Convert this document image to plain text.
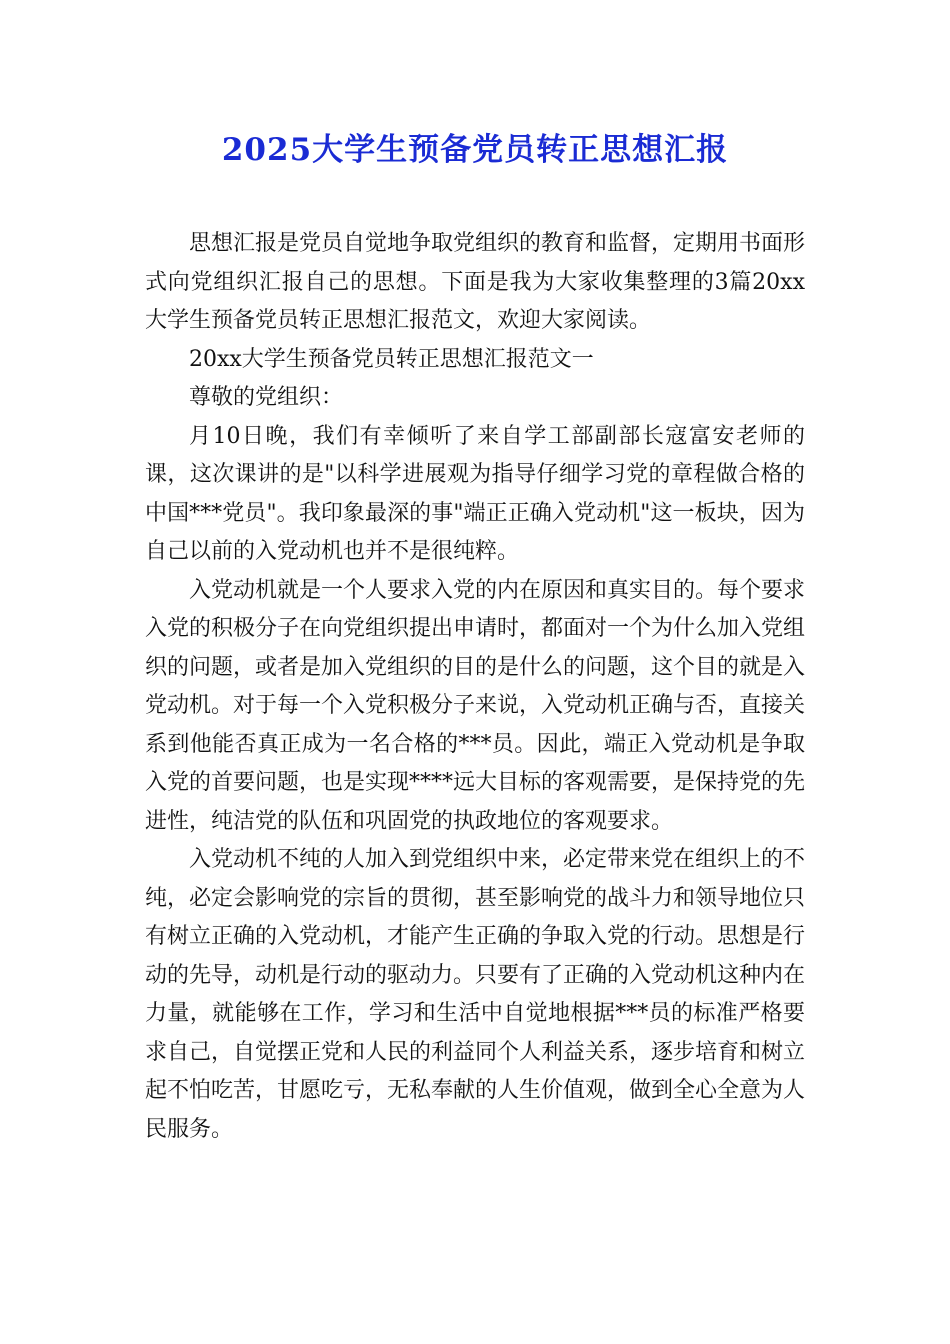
2025大学生预备党员转正思想汇报

思想汇报是党员自觉地争取党组织的教育和监督，定期用书面形式向党组织汇报自己的思想。下面是我为大家收集整理的3篇20xx大学生预备党员转正思想汇报范文，欢迎大家阅读。

20xx大学生预备党员转正思想汇报范文一

尊敬的党组织：

月10日晚，我们有幸倾听了来自学工部副部长寇富安老师的课，这次课讲的是"以科学进展观为指导仔细学习党的章程做合格的中国***党员"。我印象最深的事"端正正确入党动机"这一板块，因为自己以前的入党动机也并不是很纯粹。

入党动机就是一个人要求入党的内在原因和真实目的。每个要求入党的积极分子在向党组织提出申请时，都面对一个为什么加入党组织的问题，或者是加入党组织的目的是什么的问题，这个目的就是入党动机。对于每一个入党积极分子来说，入党动机正确与否，直接关系到他能否真正成为一名合格的***员。因此，端正入党动机是争取入党的首要问题，也是实现****远大目标的客观需要，是保持党的先进性，纯洁党的队伍和巩固党的执政地位的客观要求。

入党动机不纯的人加入到党组织中来，必定带来党在组织上的不纯，必定会影响党的宗旨的贯彻，甚至影响党的战斗力和领导地位只有树立正确的入党动机，才能产生正确的争取入党的行动。思想是行动的先导，动机是行动的驱动力。只要有了正确的入党动机这种内在力量，就能够在工作，学习和生活中自觉地根据***员的标准严格要求自己，自觉摆正党和人民的利益同个人利益关系，逐步培育和树立起不怕吃苦，甘愿吃亏，无私奉献的人生价值观，做到全心全意为人民服务。
